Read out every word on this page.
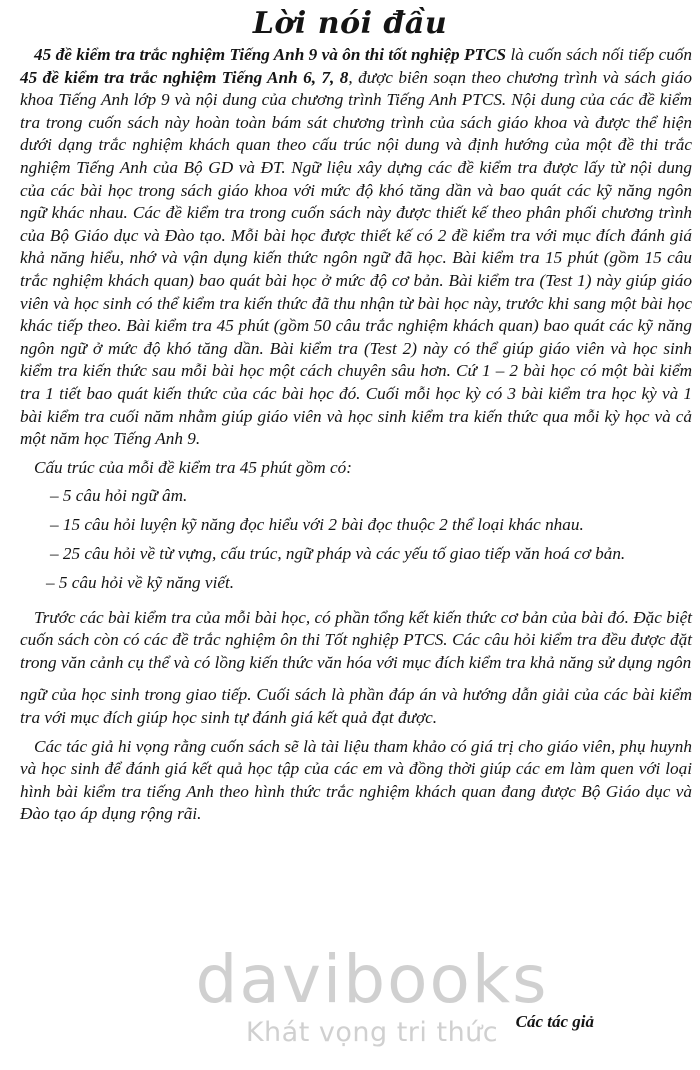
Lời nói đầu

45 đề kiểm tra trắc nghiệm Tiếng Anh 9 và ôn thi tốt nghiệp PTCS là cuốn sách nối tiếp cuốn 45 đề kiểm tra trắc nghiệm Tiếng Anh 6, 7, 8, được biên soạn theo chương trình và sách giáo khoa Tiếng Anh lớp 9 và nội dung của chương trình Tiếng Anh PTCS. Nội dung của các đề kiểm tra trong cuốn sách này hoàn toàn bám sát chương trình của sách giáo khoa và được thể hiện dưới dạng trắc nghiệm khách quan theo cấu trúc nội dung và định hướng của một đề thi trắc nghiệm Tiếng Anh của Bộ GD và ĐT. Ngữ liệu xây dựng các đề kiểm tra được lấy từ nội dung của các bài học trong sách giáo khoa với mức độ khó tăng dần và bao quát các kỹ năng ngôn ngữ khác nhau. Các đề kiểm tra trong cuốn sách này được thiết kế theo phân phối chương trình của Bộ Giáo dục và Đào tạo. Mỗi bài học được thiết kế có 2 đề kiểm tra với mục đích đánh giá khả năng hiểu, nhớ và vận dụng kiến thức ngôn ngữ đã học. Bài kiểm tra 15 phút (gồm 15 câu trắc nghiệm khách quan) bao quát bài học ở mức độ cơ bản. Bài kiểm tra (Test 1) này giúp giáo viên và học sinh có thể kiểm tra kiến thức đã thu nhận từ bài học này, trước khi sang một bài học khác tiếp theo. Bài kiểm tra 45 phút (gồm 50 câu trắc nghiệm khách quan) bao quát các kỹ năng ngôn ngữ ở mức độ khó tăng dần. Bài kiểm tra (Test 2) này có thể giúp giáo viên và học sinh kiểm tra kiến thức sau mỗi bài học một cách chuyên sâu hơn. Cứ 1 – 2 bài học có một bài kiểm tra 1 tiết bao quát kiến thức của các bài học đó. Cuối mỗi học kỳ có 3 bài kiểm tra học kỳ và 1 bài kiểm tra cuối năm nhằm giúp giáo viên và học sinh kiểm tra kiến thức qua mỗi kỳ học và cả một năm học Tiếng Anh 9.

Cấu trúc của mỗi đề kiểm tra 45 phút gồm có:

– 5 câu hỏi ngữ âm.

– 15 câu hỏi luyện kỹ năng đọc hiểu với 2 bài đọc thuộc 2 thể loại khác nhau.

– 25 câu hỏi về từ vựng, cấu trúc, ngữ pháp và các yếu tố giao tiếp văn hoá cơ bản.

– 5 câu hỏi về kỹ năng viết.

Trước các bài kiểm tra của mỗi bài học, có phần tổng kết kiến thức cơ bản của bài đó. Đặc biệt cuốn sách còn có các đề trắc nghiệm ôn thi Tốt nghiệp PTCS. Các câu hỏi kiểm tra đều được đặt trong văn cảnh cụ thể và có lồng kiến thức văn hóa với mục đích kiểm tra khả năng sử dụng ngôn

ngữ của học sinh trong giao tiếp. Cuối sách là phần đáp án và hướng dẫn giải của các bài kiểm tra với mục đích giúp học sinh tự đánh giá kết quả đạt được.

Các tác giả hi vọng rằng cuốn sách sẽ là tài liệu tham khảo có giá trị cho giáo viên, phụ huynh và học sinh để đánh giá kết quả học tập của các em và đồng thời giúp các em làm quen với loại hình bài kiểm tra tiếng Anh theo hình thức trắc nghiệm khách quan đang được Bộ Giáo dục và Đào tạo áp dụng rộng rãi.

Các tác giả
davibooks
Khát vọng tri thức
